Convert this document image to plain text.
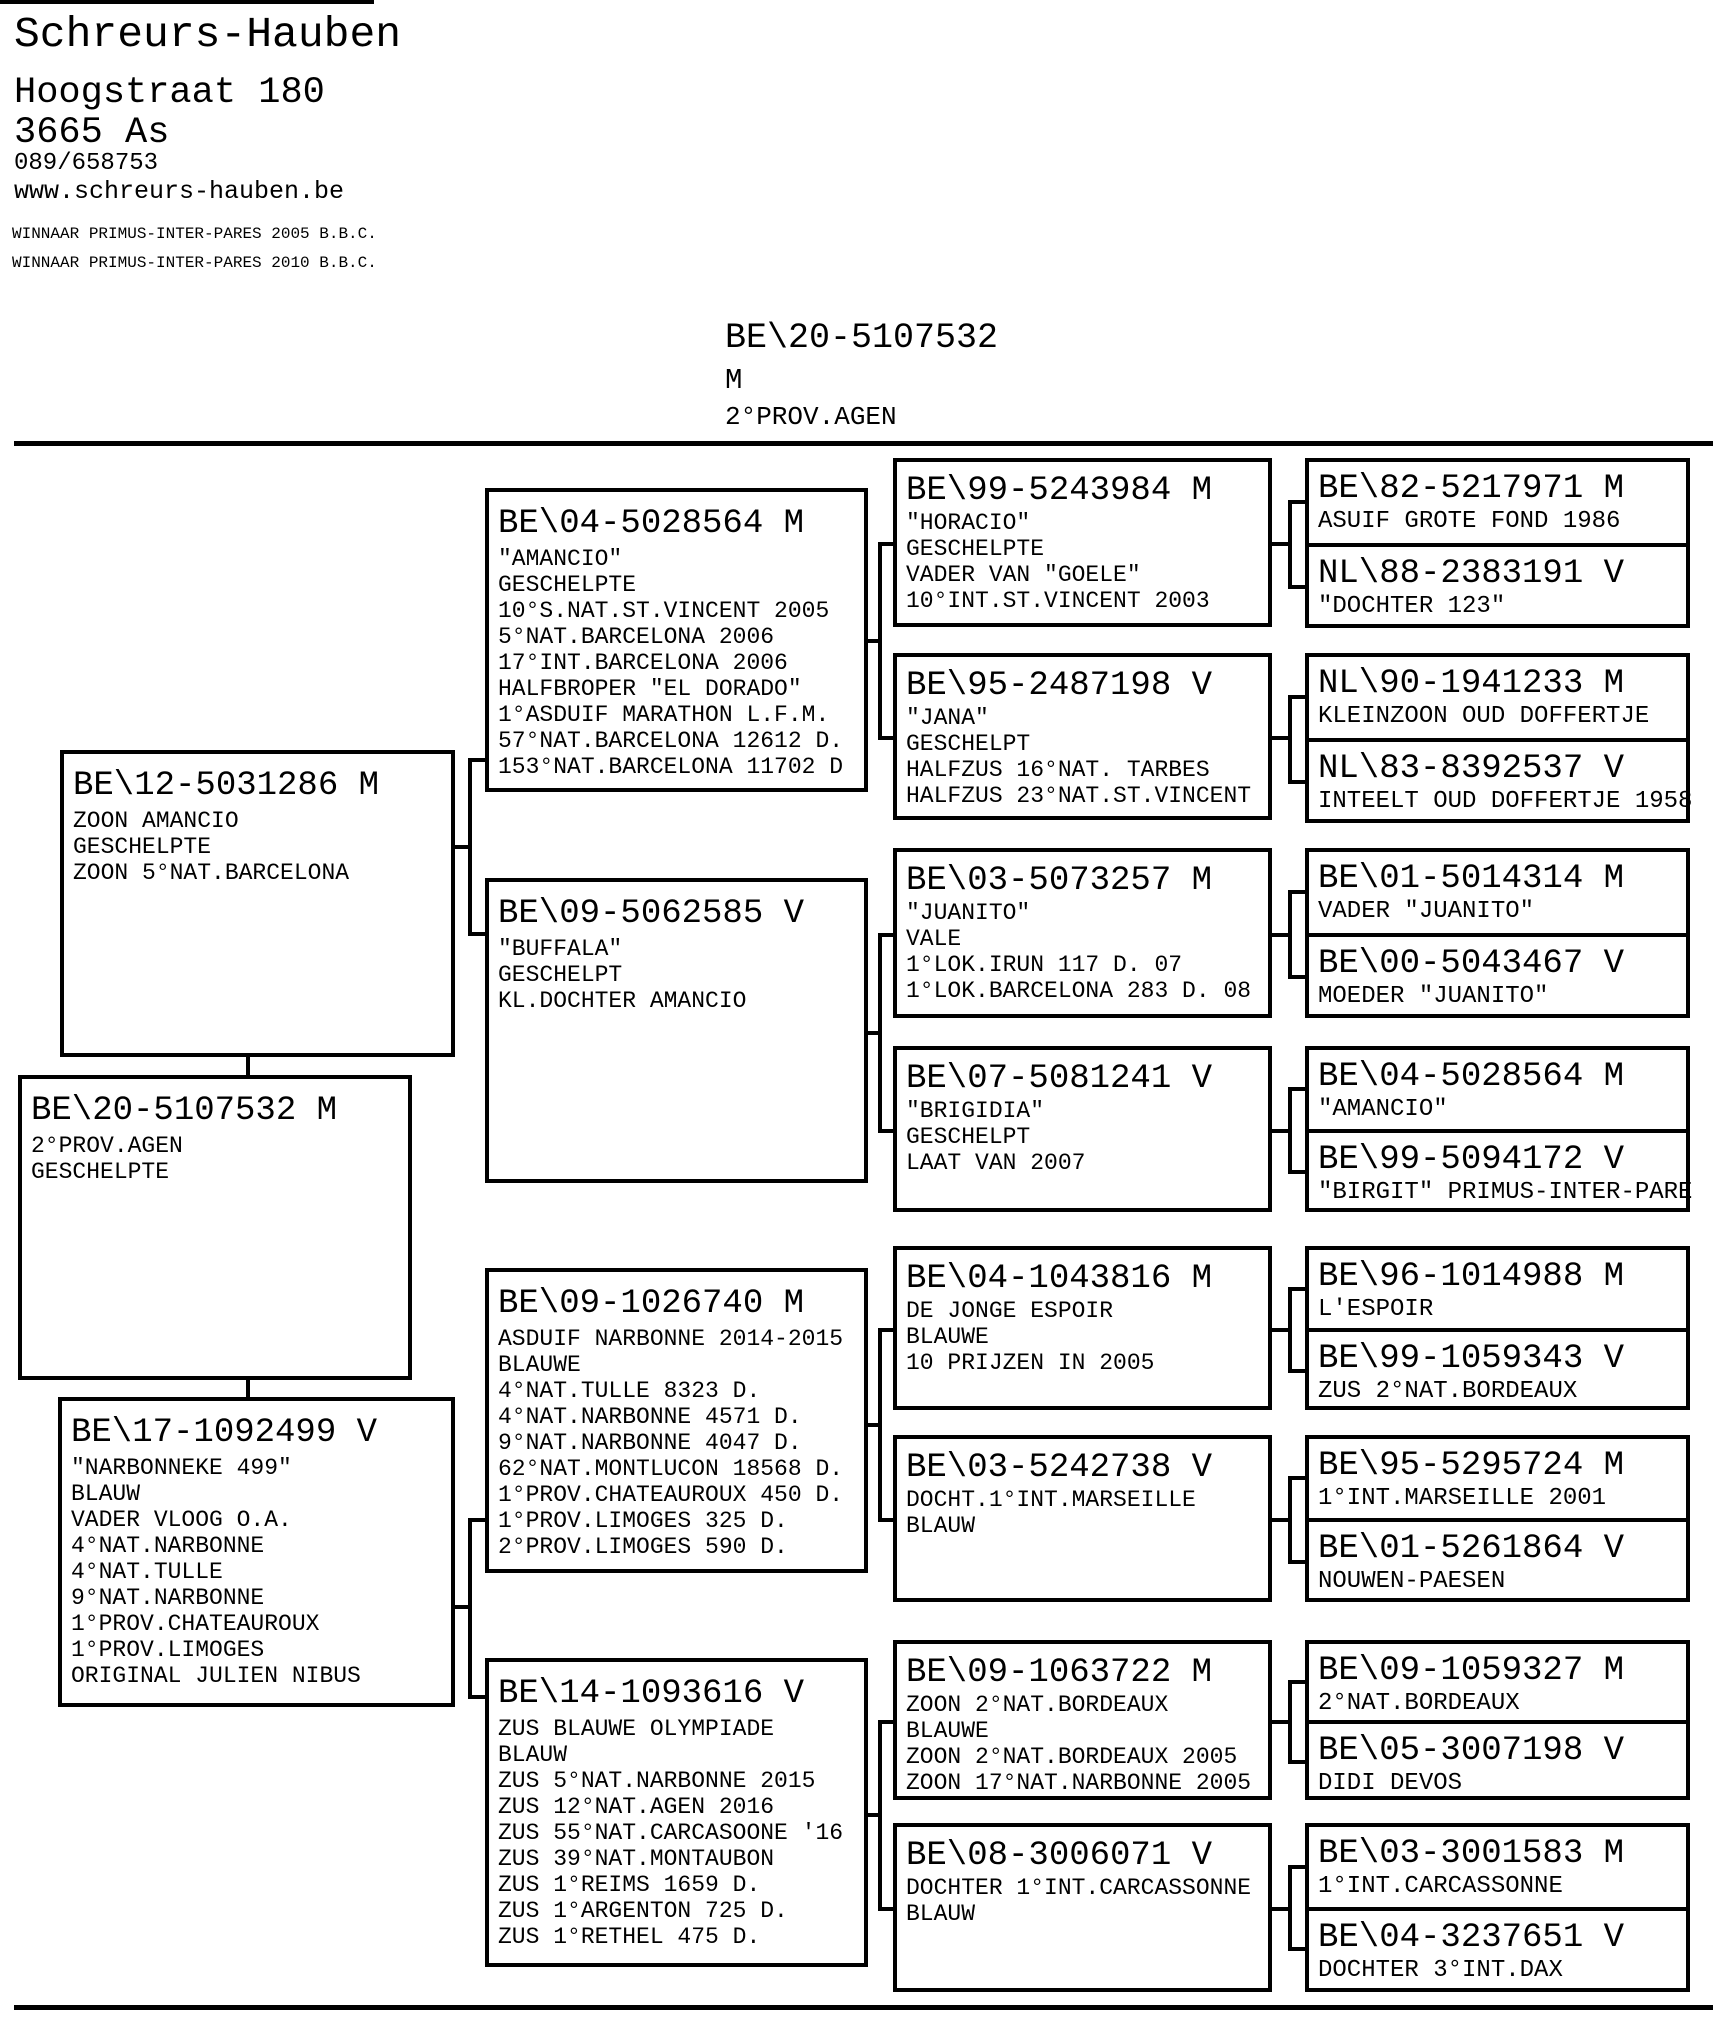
Schreurs-Hauben
Hoogstraat 180
3665 As
089/658753
www.schreurs-hauben.be
WINNAAR PRIMUS-INTER-PARES 2005 B.B.C.
WINNAAR PRIMUS-INTER-PARES 2010 B.B.C.
BE\20-5107532
M
2°PROV.AGEN
BE\12-5031286 M
ZOON AMANCIO
GESCHELPTE
ZOON 5°NAT.BARCELONA
BE\20-5107532 M
2°PROV.AGEN
GESCHELPTE
BE\17-1092499 V
"NARBONNEKE 499"
BLAUW
VADER VLOOG O.A.
4°NAT.NARBONNE
4°NAT.TULLE
9°NAT.NARBONNE
1°PROV.CHATEAUROUX
1°PROV.LIMOGES
ORIGINAL JULIEN NIBUS
BE\04-5028564 M
"AMANCIO"
GESCHELPTE
10°S.NAT.ST.VINCENT 2005
5°NAT.BARCELONA 2006
17°INT.BARCELONA 2006
HALFBROPER "EL DORADO"
1°ASDUIF MARATHON L.F.M.
57°NAT.BARCELONA 12612 D.
153°NAT.BARCELONA 11702 D
BE\09-5062585 V
"BUFFALA"
GESCHELPT
KL.DOCHTER AMANCIO
BE\09-1026740 M
ASDUIF NARBONNE 2014-2015
BLAUWE
4°NAT.TULLE 8323 D.
4°NAT.NARBONNE 4571 D.
9°NAT.NARBONNE 4047 D.
62°NAT.MONTLUCON 18568 D.
1°PROV.CHATEAUROUX 450 D.
1°PROV.LIMOGES 325 D.
2°PROV.LIMOGES 590 D.
BE\14-1093616 V
ZUS BLAUWE OLYMPIADE
BLAUW
ZUS 5°NAT.NARBONNE 2015
ZUS 12°NAT.AGEN 2016
ZUS 55°NAT.CARCASOONE '16
ZUS 39°NAT.MONTAUBON
ZUS 1°REIMS 1659 D.
ZUS 1°ARGENTON 725 D.
ZUS 1°RETHEL 475 D.
BE\99-5243984 M
"HORACIO"
GESCHELPTE
VADER VAN "GOELE"
10°INT.ST.VINCENT 2003
BE\95-2487198 V
"JANA"
GESCHELPT
HALFZUS 16°NAT. TARBES
HALFZUS 23°NAT.ST.VINCENT
BE\03-5073257 M
"JUANITO"
VALE
1°LOK.IRUN 117 D. 07
1°LOK.BARCELONA 283 D. 08
BE\07-5081241 V
"BRIGIDIA"
GESCHELPT
LAAT VAN 2007
BE\04-1043816 M
DE JONGE ESPOIR
BLAUWE
10 PRIJZEN IN 2005
BE\03-5242738 V
DOCHT.1°INT.MARSEILLE
BLAUW
BE\09-1063722 M
ZOON 2°NAT.BORDEAUX
BLAUWE
ZOON 2°NAT.BORDEAUX 2005
ZOON 17°NAT.NARBONNE 2005
BE\08-3006071 V
DOCHTER 1°INT.CARCASSONNE
BLAUW
BE\82-5217971 M
ASUIF GROTE FOND 1986
NL\88-2383191 V
"DOCHTER 123"
NL\90-1941233 M
KLEINZOON OUD DOFFERTJE
NL\83-8392537 V
INTEELT OUD DOFFERTJE 1958
BE\01-5014314 M
VADER "JUANITO"
BE\00-5043467 V
MOEDER "JUANITO"
BE\04-5028564 M
"AMANCIO"
BE\99-5094172 V
"BIRGIT" PRIMUS-INTER-PARE
BE\96-1014988 M
L'ESPOIR
BE\99-1059343 V
ZUS 2°NAT.BORDEAUX
BE\95-5295724 M
1°INT.MARSEILLE 2001
BE\01-5261864 V
NOUWEN-PAESEN
BE\09-1059327 M
2°NAT.BORDEAUX
BE\05-3007198 V
DIDI DEVOS
BE\03-3001583 M
1°INT.CARCASSONNE
BE\04-3237651 V
DOCHTER 3°INT.DAX
